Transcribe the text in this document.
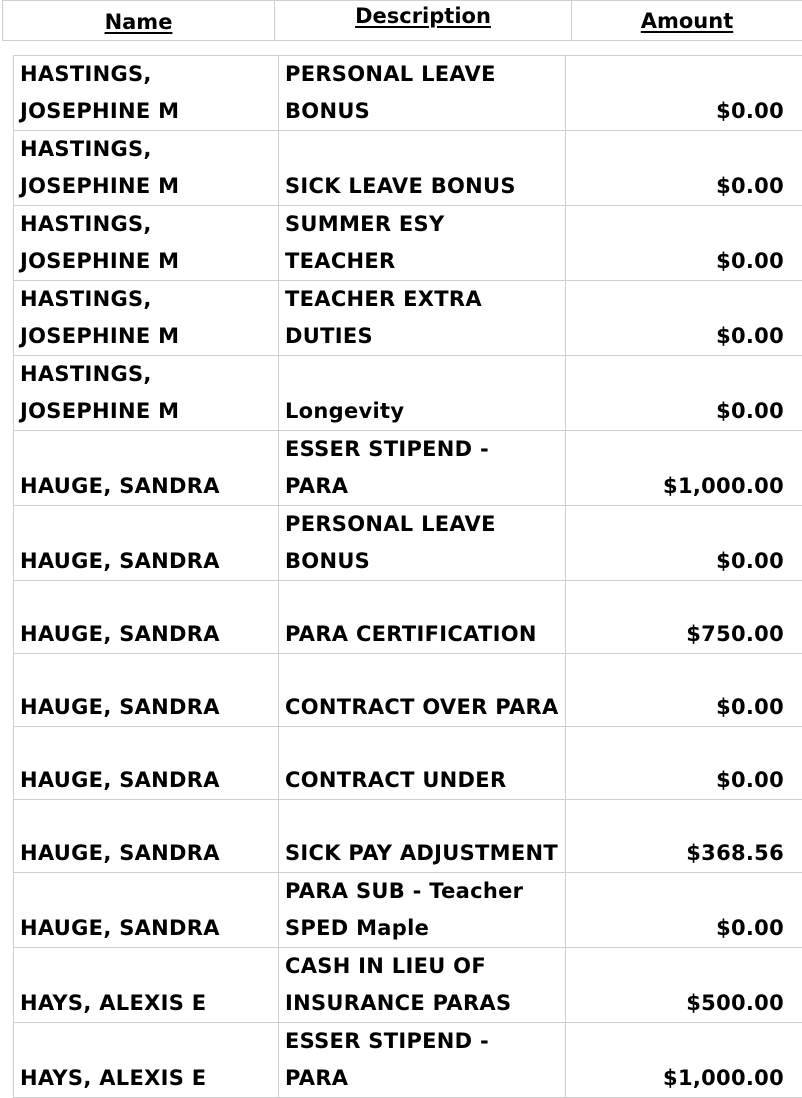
Name	Description	Amount
HASTINGS, JOSEPHINE M	PERSONAL LEAVE BONUS	$0.00

HASTINGS, JOSEPHINE M	SICK LEAVE BONUS	$0.00

HASTINGS, JOSEPHINE M	SUMMER ESY TEACHER	$0.00

HASTINGS, JOSEPHINE M	TEACHER EXTRA DUTIES	$0.00

HASTINGS, JOSEPHINE M	Longevity	$0.00

HAUGE, SANDRA	ESSER STIPEND - PARA	$1,000.00

HAUGE, SANDRA	PERSONAL LEAVE BONUS	$0.00

HAUGE, SANDRA	PARA CERTIFICATION	$750.00

HAUGE, SANDRA	CONTRACT OVER PARA	$0.00

HAUGE, SANDRA	CONTRACT UNDER	$0.00

HAUGE, SANDRA	SICK PAY ADJUSTMENT	$368.56

HAUGE, SANDRA	PARA SUB - Teacher SPED Maple	$0.00

HAYS, ALEXIS E	CASH IN LIEU OF INSURANCE PARAS	$500.00

HAYS, ALEXIS E	ESSER STIPEND - PARA	$1,000.00
